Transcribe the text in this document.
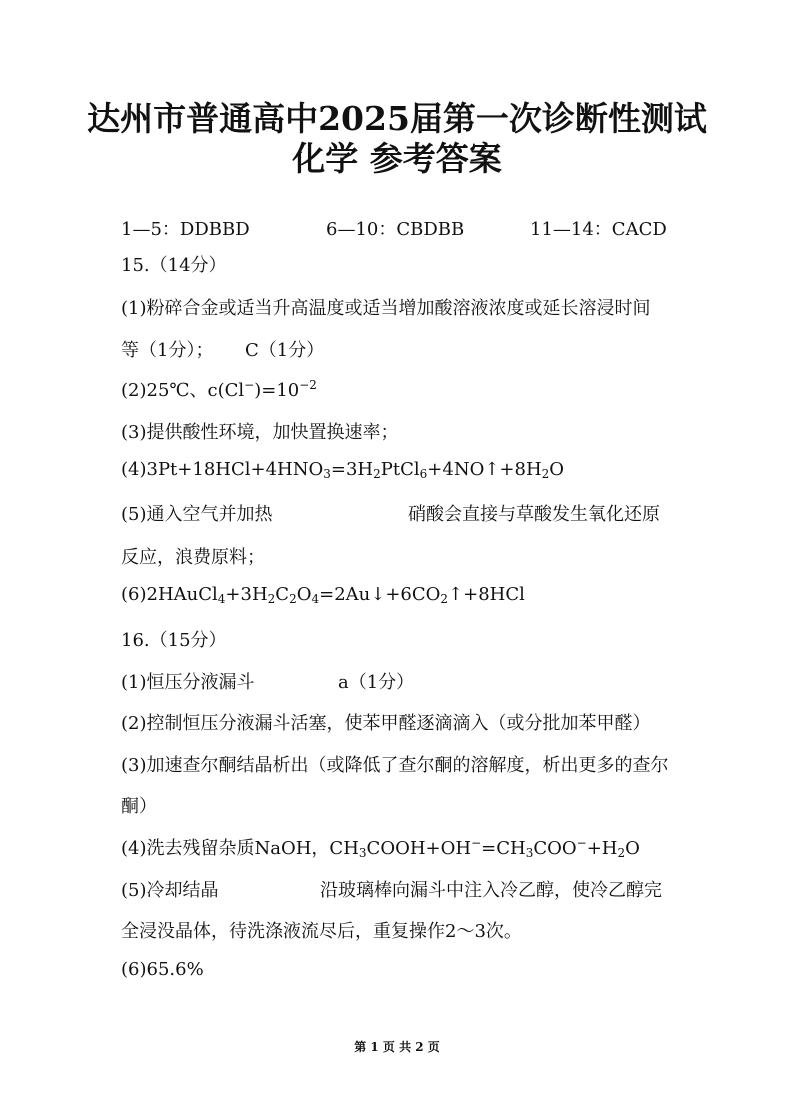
达州市普通高中2025届第一次诊断性测试
化学 参考答案
1—5：DDBBD	6—10：CBDBB	11—14：CACD
15.（14分）
(1)粉碎合金或适当升高温度或适当增加酸溶液浓度或延长溶浸时间
等（1分）； C（1分）
(2)25℃、$c(Cl^-)=10^{-2}$
(3)提供酸性环境，加快置换速率；
$(4)3Pt+18HCl+4HNO_3=3H_2PtCl_6+4NO↑+8H_2O$
(5)通入空气并加热	硝酸会直接与草酸发生氧化还原
反应，浪费原料；
$(6)2HAuCl_4+3H_2C_2O_4=2Au↓+6CO_2↑+8HCl$
16.（15分）
(1)恒压分液漏斗	a（1分）
(2)控制恒压分液漏斗活塞，使苯甲醛逐滴滴入（或分批加苯甲醛）
(3)加速查尔酮结晶析出（或降低了查尔酮的溶解度，析出更多的查尔
酮）
(4)洗去残留杂质NaOH，$CH_3COOH+OH^-=CH_3COO^-+H_2O$
(5)冷却结晶	沿玻璃棒向漏斗中注入冷乙醇，使冷乙醇完
全浸没晶体，待洗涤液流尽后，重复操作2～3次。
(6)65.6%
第 1 页 共 2 页
